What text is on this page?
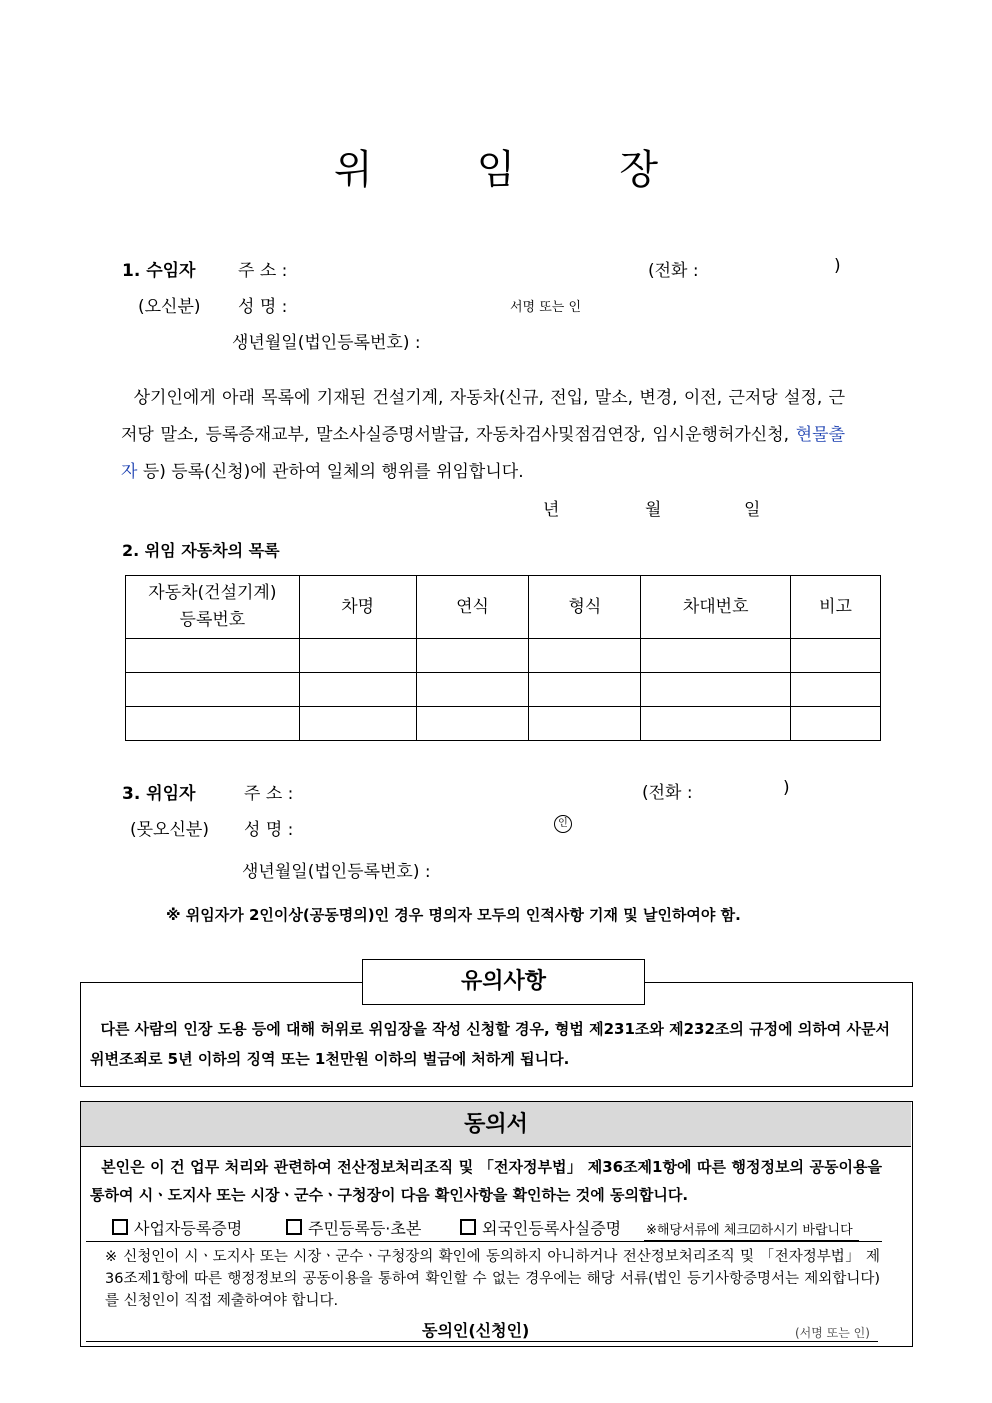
위	임	장
1. 수임자	주 소 :	(전화 :	)
(오신분) 성 명 :	서명 또는 인
생년월일(법인등록번호) :
상기인에게 아래 목록에 기재된 건설기계, 자동차(신규, 전입, 말소, 변경, 이전, 근저당 설정, 근저당 말소, 등록증재교부, 말소사실증명서발급, 자동차검사및점검연장, 임시운행허가신청, 현물출자 등) 등록(신청)에 관하여 일체의 행위를 위임합니다.
년	월	일
2. 위임 자동차의 목록
자동차(건설기계)
등록번호	차명	연식	형식	차대번호	비고

3. 위임자	주 소 :	(전화 :	)
(못오신분) 성 명 :	인
생년월일(법인등록번호) :
※ 위임자가 2인이상(공동명의)인 경우 명의자 모두의 인적사항 기재 및 날인하여야 함.
유의사항
다른 사람의 인장 도용 등에 대해 허위로 위임장을 작성 신청할 경우, 형법 제231조와 제232조의 규정에 의하여 사문서 위변조죄로 5년 이하의 징역 또는 1천만원 이하의 벌금에 처하게 됩니다.
동의서
본인은 이 건 업무 처리와 관련하여 전산정보처리조직 및 「전자정부법」 제36조제1항에 따른 행정정보의 공동이용을 통하여 시ㆍ도지사 또는 시장ㆍ군수ㆍ구청장이 다음 확인사항을 확인하는 것에 동의합니다.
사업자등록증명	주민등록등·초본	외국인등록사실증명 ※해당서류에 체크☑하시기 바랍니다

※ 신청인이 시ㆍ도지사 또는 시장ㆍ군수ㆍ구청장의 확인에 동의하지 아니하거나 전산정보처리조직 및 「전자정부법」 제36조제1항에 따른 행정정보의 공동이용을 통하여 확인할 수 없는 경우에는 해당 서류(법인 등기사항증명서는 제외합니다)를 신청인이 직접 제출하여야 합니다.
동의인(신청인)	(서명 또는 인)
